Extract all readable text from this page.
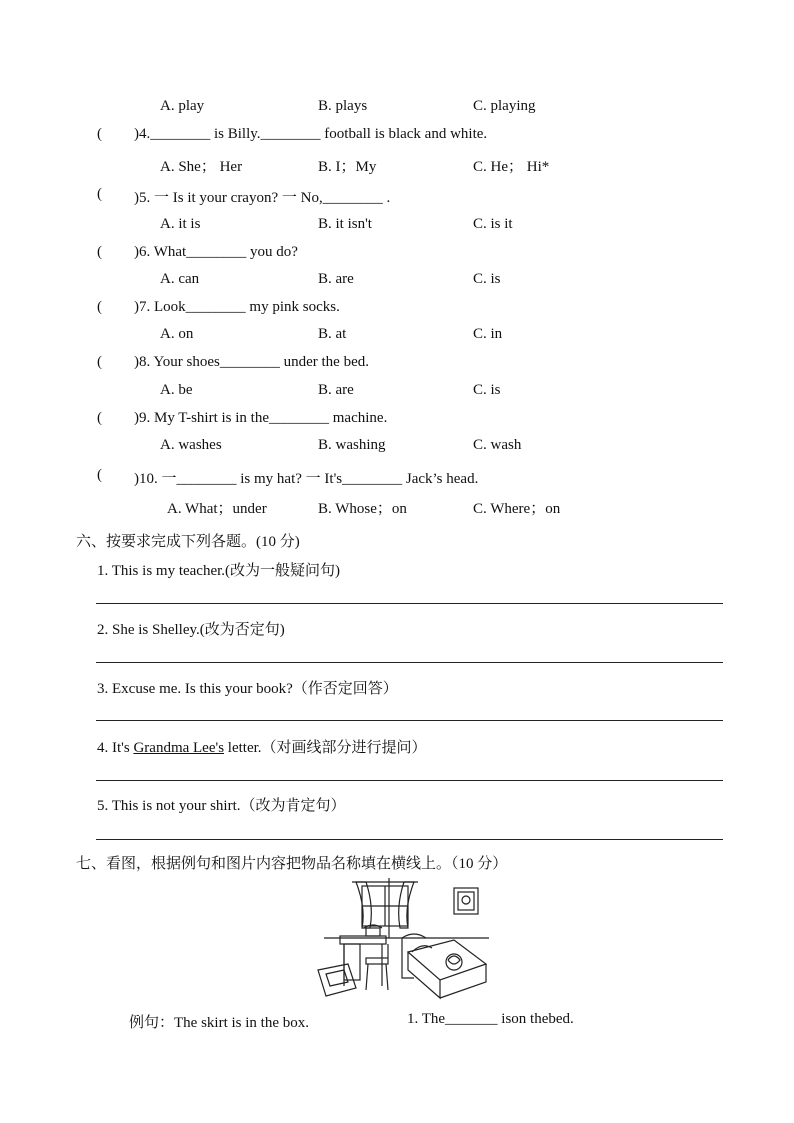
A. play	B. plays	C. playing
( )4.________ is Billy.________ football is black and white.
A. She； Her	B. I；My	C. He； Hi*
( )5. 一 Is it your crayon? 一 No,________ .
A. it is	B. it isn't	C. is it
( )6. What________ you do?
A. can	B. are	C. is
( )7. Look________ my pink socks.
A. on	B. at	C. in
( )8. Your shoes________ under the bed.
A. be	B. are	C. is
( )9. My T-shirt is in the________ machine.
A. washes	B. washing	C. wash
( )10. 一________ is my hat? 一 It's________ Jack’s head.
A. What；under	B. Whose；on	C. Where；on
六、按要求完成下列各题。(10 分)
1. This is my teacher.(改为一般疑问句)
2. She is Shelley.(改为否定句)
3. Excuse me. Is this your book?（作否定回答）
4. It's Grandma Lee's letter.（对画线部分进行提问）
5. This is not your shirt.（改为肯定句）
七、看图，根据例句和图片内容把物品名称填在横线上。（10 分）
例句：The skirt is in the box.	1. The_______ ison thebed.
